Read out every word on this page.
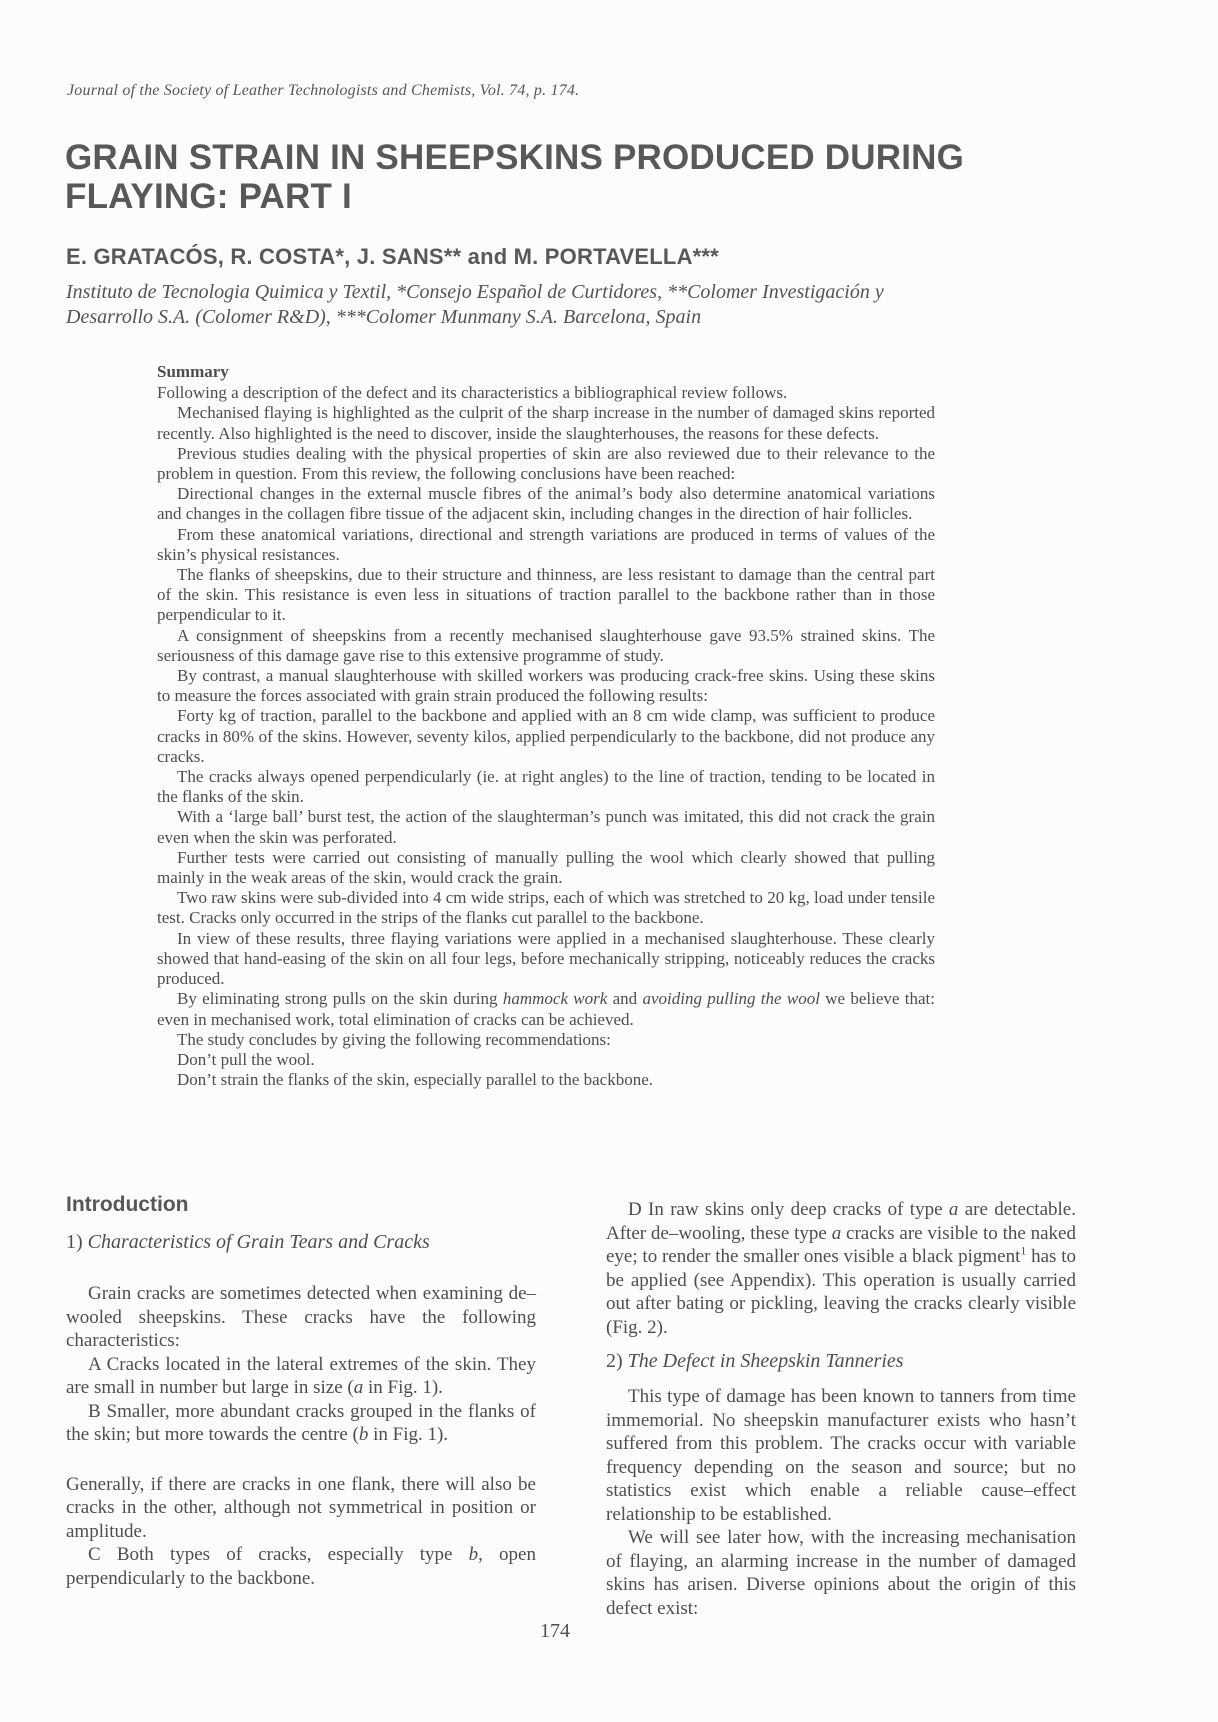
Journal of the Society of Leather Technologists and Chemists, Vol. 74, p. 174.
GRAIN STRAIN IN SHEEPSKINS PRODUCED DURING
FLAYING: PART I
E. GRATACÓS, R. COSTA*, J. SANS** and M. PORTAVELLA***
Instituto de Tecnologia Quimica y Textil, *Consejo Español de Curtidores, **Colomer Investigación y Desarrollo S.A. (Colomer R&D), ***Colomer Munmany S.A. Barcelona, Spain

Summary

Following a description of the defect and its characteristics a bibliographical review follows.

Mechanised flaying is highlighted as the culprit of the sharp increase in the number of damaged skins reported recently. Also highlighted is the need to discover, inside the slaughterhouses, the reasons for these defects.

Previous studies dealing with the physical properties of skin are also reviewed due to their relevance to the problem in question. From this review, the following conclusions have been reached:

Directional changes in the external muscle fibres of the animal’s body also determine anatomical variations and changes in the collagen fibre tissue of the adjacent skin, including changes in the direction of hair follicles.

From these anatomical variations, directional and strength variations are produced in terms of values of the skin’s physical resistances.

The flanks of sheepskins, due to their structure and thinness, are less resistant to damage than the central part of the skin. This resistance is even less in situations of traction parallel to the backbone rather than in those perpendicular to it.

A consignment of sheepskins from a recently mechanised slaughterhouse gave 93.5% strained skins. The seriousness of this damage gave rise to this extensive programme of study.

By contrast, a manual slaughterhouse with skilled workers was producing crack-free skins. Using these skins to measure the forces associated with grain strain produced the following results:

Forty kg of traction, parallel to the backbone and applied with an 8 cm wide clamp, was sufficient to produce cracks in 80% of the skins. However, seventy kilos, applied perpendicularly to the backbone, did not produce any cracks.

The cracks always opened perpendicularly (ie. at right angles) to the line of traction, tending to be located in the flanks of the skin.

With a ‘large ball’ burst test, the action of the slaughterman’s punch was imitated, this did not crack the grain even when the skin was perforated.

Further tests were carried out consisting of manually pulling the wool which clearly showed that pulling mainly in the weak areas of the skin, would crack the grain.

Two raw skins were sub-divided into 4 cm wide strips, each of which was stretched to 20 kg, load under tensile test. Cracks only occurred in the strips of the flanks cut parallel to the backbone.

In view of these results, three flaying variations were applied in a mechanised slaughterhouse. These clearly showed that hand-easing of the skin on all four legs, before mechanically stripping, noticeably reduces the cracks produced.

By eliminating strong pulls on the skin during hammock work and avoiding pulling the wool we believe that: even in mechanised work, total elimination of cracks can be achieved.

The study concludes by giving the following recommendations:

Don’t pull the wool.

Don’t strain the flanks of the skin, especially parallel to the backbone.

Introduction

1) Characteristics of Grain Tears and Cracks

Grain cracks are sometimes detected when examining de–wooled sheepskins. These cracks have the following characteristics:

A Cracks located in the lateral extremes of the skin. They are small in number but large in size (a in Fig. 1).

B Smaller, more abundant cracks grouped in the flanks of the skin; but more towards the centre (b in Fig. 1).

Generally, if there are cracks in one flank, there will also be cracks in the other, although not symmetrical in position or amplitude.

C Both types of cracks, especially type b, open perpendicularly to the backbone.

D In raw skins only deep cracks of type a are detectable. After de–wooling, these type a cracks are visible to the naked eye; to render the smaller ones visible a black pigment$^1$ has to be applied (see Appendix). This operation is usually carried out after bating or pickling, leaving the cracks clearly visible (Fig. 2).

2) The Defect in Sheepskin Tanneries

This type of damage has been known to tanners from time immemorial. No sheepskin manufacturer exists who hasn’t suffered from this problem. The cracks occur with variable frequency depending on the season and source; but no statistics exist which enable a reliable cause–effect relationship to be established.

We will see later how, with the increasing mechanisation of flaying, an alarming increase in the number of damaged skins has arisen. Diverse opinions about the origin of this defect exist:

174
